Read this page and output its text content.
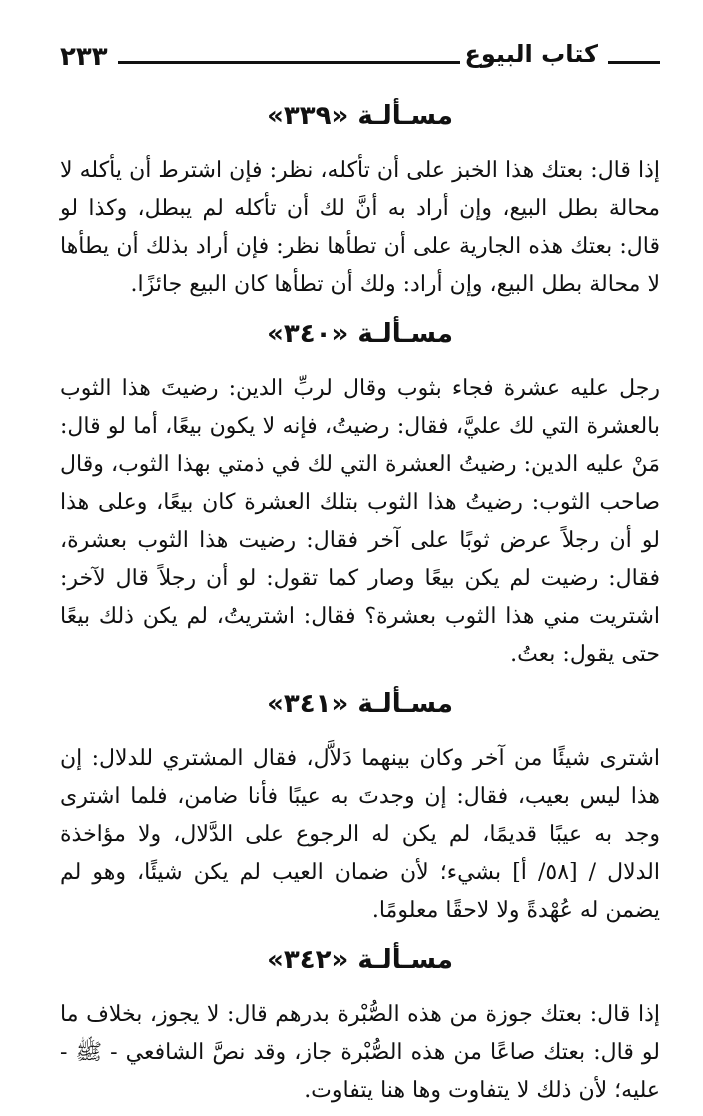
٢٣٣	كتاب البيوع
مسـألـة «٣٣٩»

إذا قال: بعتك هذا الخبز على أن تأكله، نظر: فإن اشترط أن يأكله لا محالة بطل البيع، وإن أراد به أنَّ لك أن تأكله لم يبطل، وكذا لو قال: بعتك هذه الجارية على أن تطأها نظر: فإن أراد بذلك أن يطأها لا محالة بطل البيع، وإن أراد: ولك أن تطأها كان البيع جائزًا.

مسـألـة «٣٤٠»

رجل عليه عشرة فجاء بثوب وقال لربِّ الدين: رضيتَ هذا الثوب بالعشرة التي لك عليَّ، فقال: رضيتُ، فإنه لا يكون بيعًا، أما لو قال: مَنْ عليه الدين: رضيتُ العشرة التي لك في ذمتي بهذا الثوب، وقال صاحب الثوب: رضيتُ هذا الثوب بتلك العشرة كان بيعًا، وعلى هذا لو أن رجلاً عرض ثوبًا على آخر فقال: رضيت هذا الثوب بعشرة، فقال: رضيت لم يكن بيعًا وصار كما تقول: لو أن رجلاً قال لآخر: اشتريت مني هذا الثوب بعشرة؟ فقال: اشتريتُ، لم يكن ذلك بيعًا حتى يقول: بعتُ.

مسـألـة «٣٤١»

اشترى شيئًا من آخر وكان بينهما دَلاَّل، فقال المشتري للدلال: إن هذا ليس بعيب، فقال: إن وجدتَ به عيبًا فأنا ضامن، فلما اشترى وجد به عيبًا قديمًا، لم يكن له الرجوع على الدَّلال، ولا مؤاخذة الدلال / [٥٨/ أ] بشيء؛ لأن ضمان العيب لم يكن شيئًا، وهو لم يضمن له عُهْدةً ولا لاحقًا معلومًا.

مسـألـة «٣٤٢»

إذا قال: بعتك جوزة من هذه الصُّبْرة بدرهم قال: لا يجوز، بخلاف ما لو قال: بعتك صاعًا من هذه الصُّبْرة جاز، وقد نصَّ الشافعي - ﷺ - عليه؛ لأن ذلك لا يتفاوت وها هنا يتفاوت.
